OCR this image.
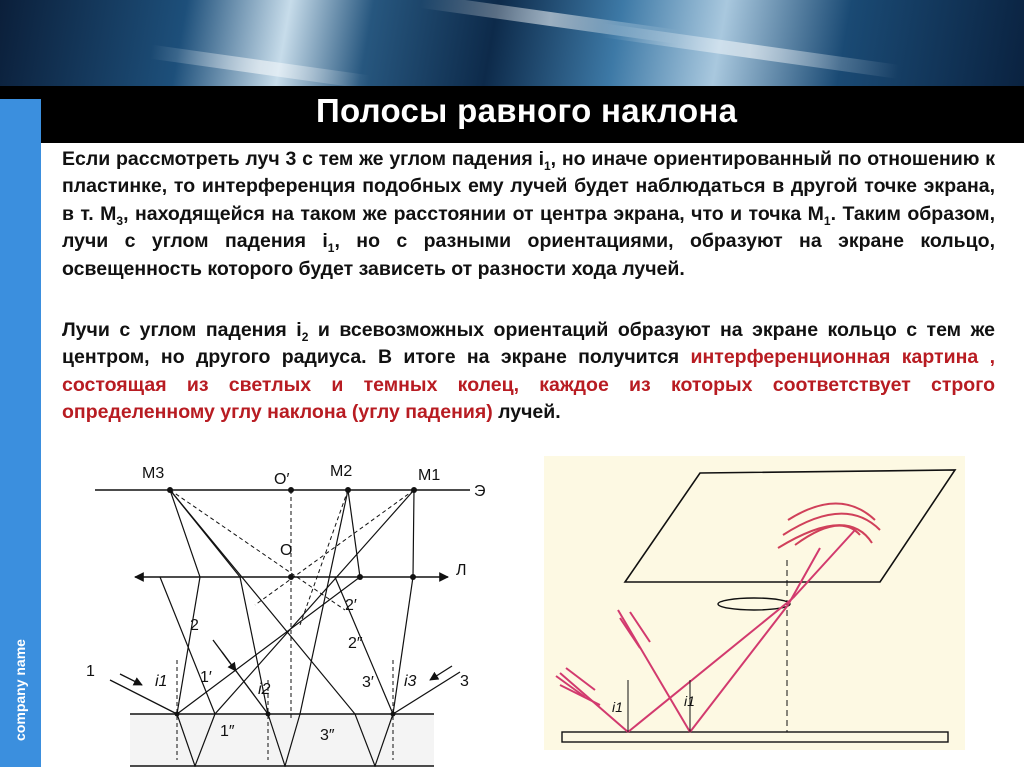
Полосы равного наклона
company name
Если рассмотреть луч 3 с тем же углом падения $i_1$, но иначе ориентированный по отношению к пластинке, то интерференция подобных ему лучей будет наблюдаться в другой точке экрана, в т. $M_3$, находящейся на таком же расстоянии от центра экрана, что и точка $M_1$. Таким образом, лучи с углом падения $i_1$, но с разными ориентациями, образуют на экране кольцо, освещенность которого будет зависеть от разности хода лучей.
Лучи с углом падения $i_2$ и всевозможных ориентаций образуют на экране кольцо с тем же центром, но другого радиуса. В итоге на экране получится интерференционная картина , состоящая из светлых и темных колец, каждое из которых соответствует строго определенному углу наклона (углу падения) лучей.
M3	O′	M2	M1
Э
O
Л
2′
2
2″
1
i1 1′
i2	3′ i3	3
1″	3″
i1	i1
